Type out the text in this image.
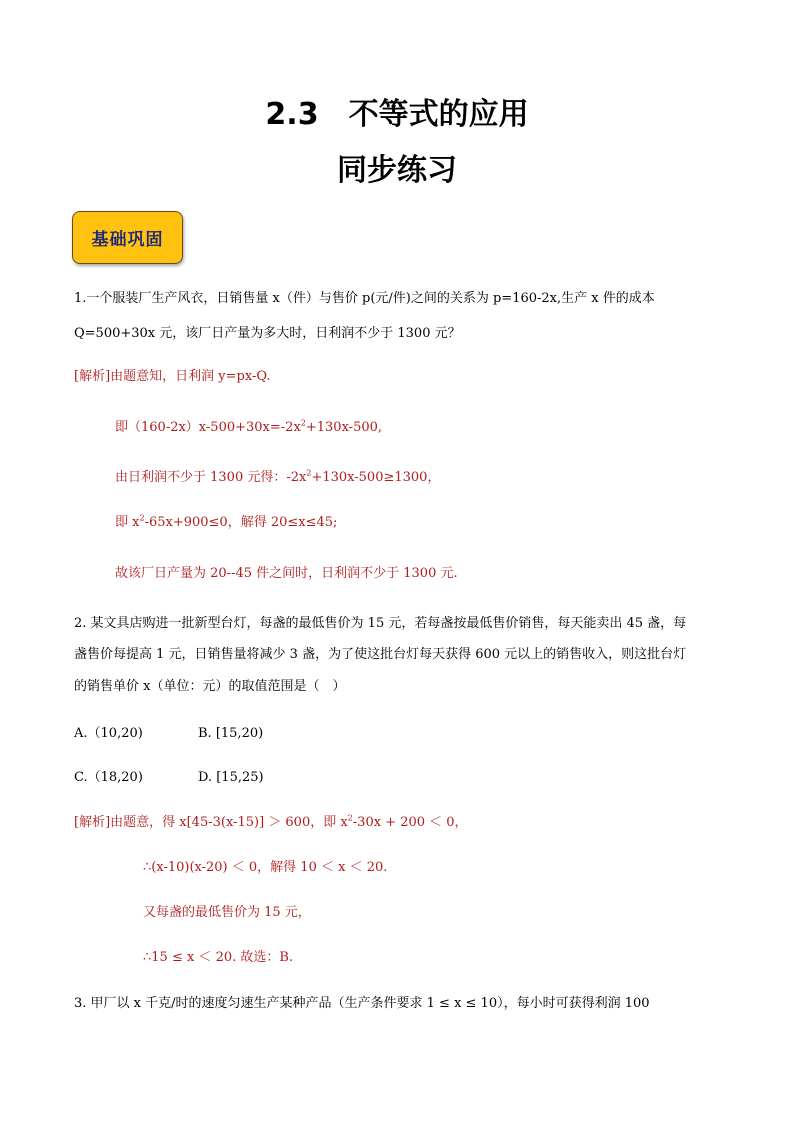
2.3　不等式的应用
同步练习
基础巩固
1.一个服装厂生产风衣，日销售量 x（件）与售价 p(元/件)之间的关系为 p=160-2x,生产 x 件的成本
Q=500+30x 元，该厂日产量为多大时，日利润不少于 1300 元？
[解析]由题意知，日利润 y=px-Q.
即$(160-2x)x-500+30x=-2x^2+130x-500$,
由日利润不少于 1300 元得：$-2x^2+130x-500\ge 1300$，
即 $x^2-65x+900\le 0$，解得 20≤x≤45;
故该厂日产量为 20--45 件之间时，日利润不少于 1300 元.
2. 某文具店购进一批新型台灯，每盏的最低售价为 15 元，若每盏按最低售价销售，每天能卖出 45 盏，每
盏售价每提高 1 元，日销售量将减少 3 盏，为了使这批台灯每天获得 600 元以上的销售收入，则这批台灯
的销售单价 x（单位：元）的取值范围是（　）
A.（10,20)	B. [15,20)
C.（18,20)	D. [15,25)
[解析]由题意，得 x[45-3(x-15)] ＞ 600，即 $x^2-30x + 200 < 0$，
∴(x-10)(x-20) ＜ 0，解得 10 ＜ x ＜ 20.
又每盏的最低售价为 15 元，
∴15 ≤ x ＜ 20. 故选：B.
3. 甲厂以 x 千克/时的速度匀速生产某种产品（生产条件要求 1 ≤ x ≤ 10），每小时可获得利润 100
